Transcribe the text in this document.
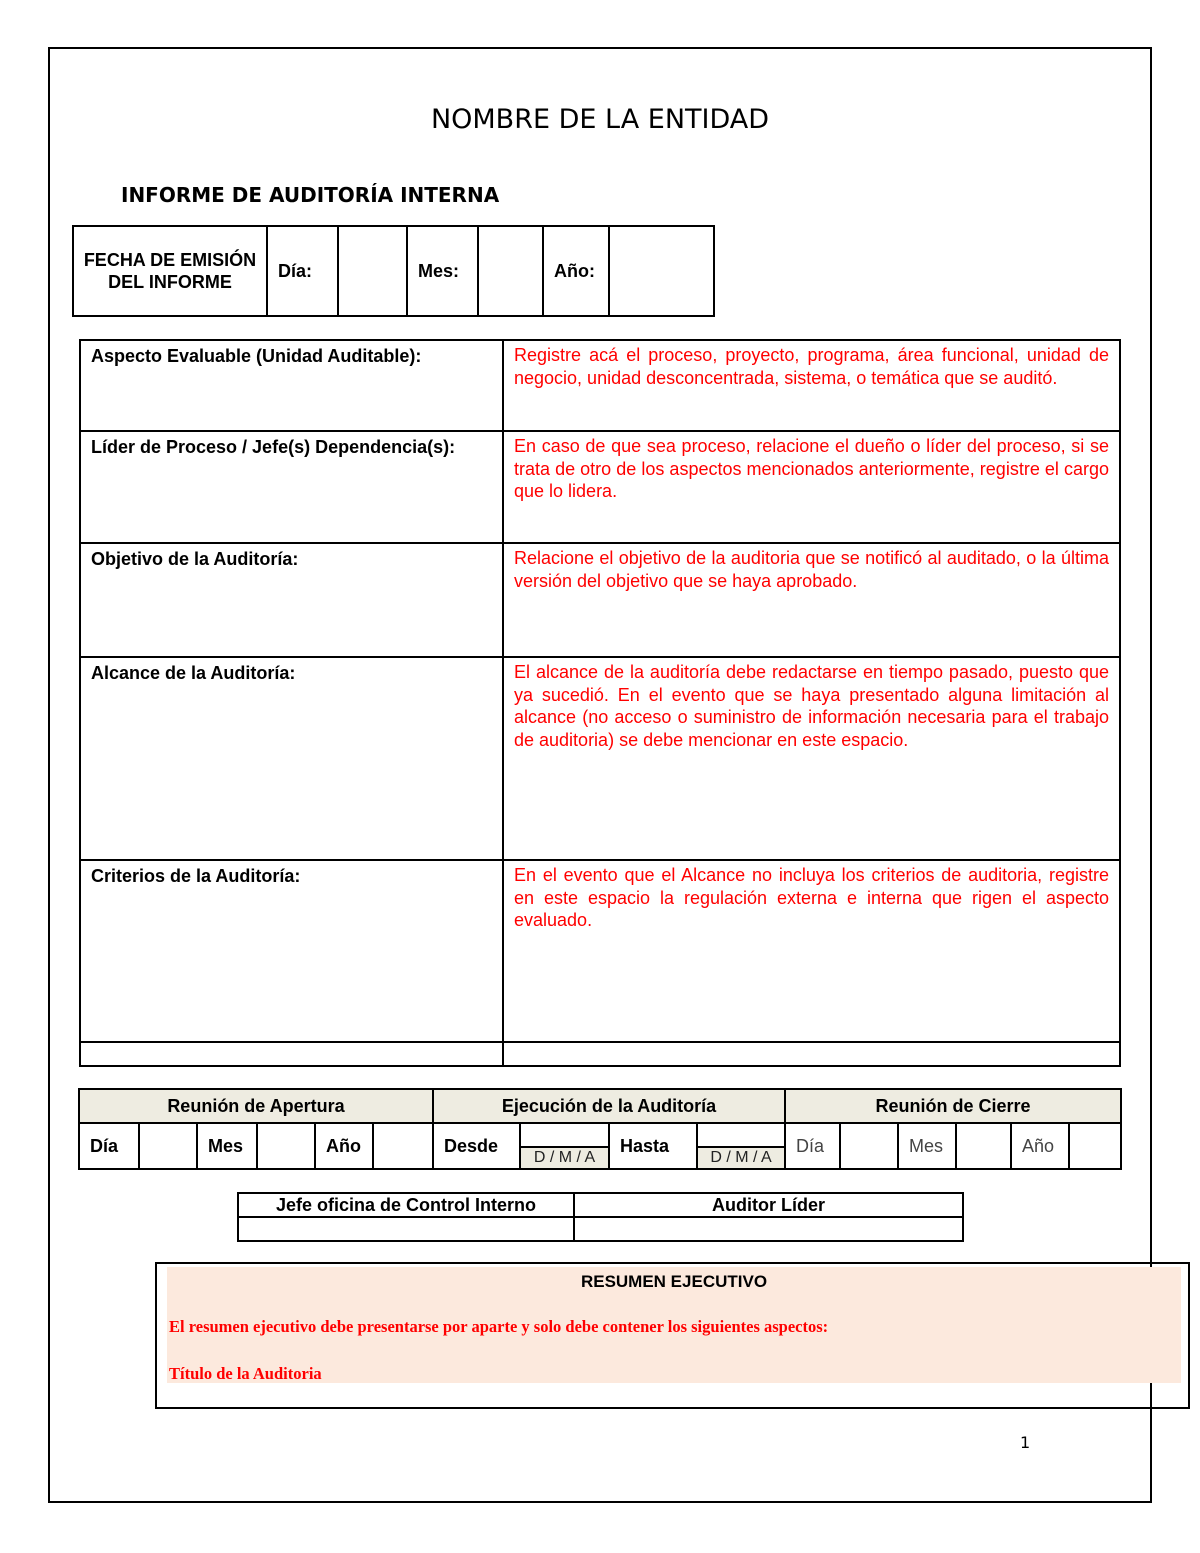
NOMBRE DE LA ENTIDAD
INFORME DE AUDITORÍA INTERNA
FECHA DE EMISIÓN DEL INFORME	Día:		Mes:		Año:	
Aspecto Evaluable (Unidad Auditable):	Registre acá el proceso, proyecto, programa, área funcional, unidad de negocio, unidad desconcentrada, sistema, o temática que se auditó.
Líder de Proceso / Jefe(s) Dependencia(s):	En caso de que sea proceso, relacione el dueño o líder del proceso, si se trata de otro de los aspectos mencionados anteriormente, registre el cargo que lo lidera.
Objetivo de la Auditoría:	Relacione el objetivo de la auditoria que se notificó al auditado, o la última versión del objetivo que se haya aprobado.
Alcance de la Auditoría:	El alcance de la auditoría debe redactarse en tiempo pasado, puesto que ya sucedió. En el evento que se haya presentado alguna limitación al alcance (no acceso o suministro de información necesaria para el trabajo de auditoria) se debe mencionar en este espacio.
Criterios de la Auditoría:	En el evento que el Alcance no incluya los criterios de auditoria, registre en este espacio la regulación externa e interna que rigen el aspecto evaluado.

Reunión de Apertura						Ejecución de la Auditoría				Reunión de Cierre					
Día		Mes		Año		Desde	D / M / A	Hasta	D / M / A	Día		Mes		Año	
Jefe oficina de Control Interno	Auditor Líder

RESUMEN EJECUTIVO
El resumen ejecutivo debe presentarse por aparte y solo debe contener los siguientes aspectos:
Título de la Auditoria
1
